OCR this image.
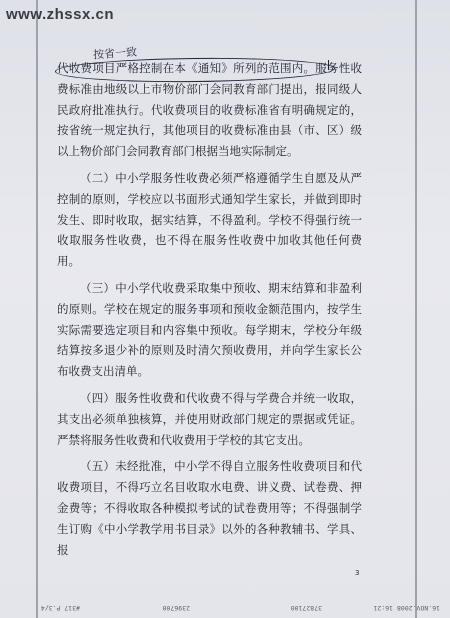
www.zhssx.cn
按省一致

代收费项目严格控制在本《通知》所列的范围内。服务性收费标准由地级以上市物价部门会同教育部门提出，报同级人民政府批准执行。代收费项目的收费标准省有明确规定的，按省统一规定执行，其他项目的收费标准由县（市、区）级以上物价部门会同教育部门根据当地实际制定。

（二）中小学服务性收费必须严格遵循学生自愿及从严控制的原则，学校应以书面形式通知学生家长，并做到即时发生、即时收取，据实结算，不得盈利。学校不得强行统一收取服务性收费，也不得在服务性收费中加收其他任何费用。

（三）中小学代收费采取集中预收、期末结算和非盈利的原则。学校在规定的服务事项和预收金额范围内，按学生实际需要选定项目和内容集中预收。每学期末，学校分年级结算按多退少补的原则及时清欠预收费用，并向学生家长公布收费支出清单。

（四）服务性收费和代收费不得与学费合并统一收取，其支出必须单独核算，并使用财政部门规定的票据或凭证。严禁将服务性收费和代收费用于学校的其它支出。

（五）未经批准，中小学不得自立服务性收费项目和代收费项目，不得巧立名目收取水电费、讲义费、试卷费、押金费等；不得收取各种模拟考试的试卷费用等；不得强制学生订购《中小学教学用书目录》以外的各种教辅书、学具、报

3
16.NOV.2008 16:21
37827100
2396700
#317 P.3/4
